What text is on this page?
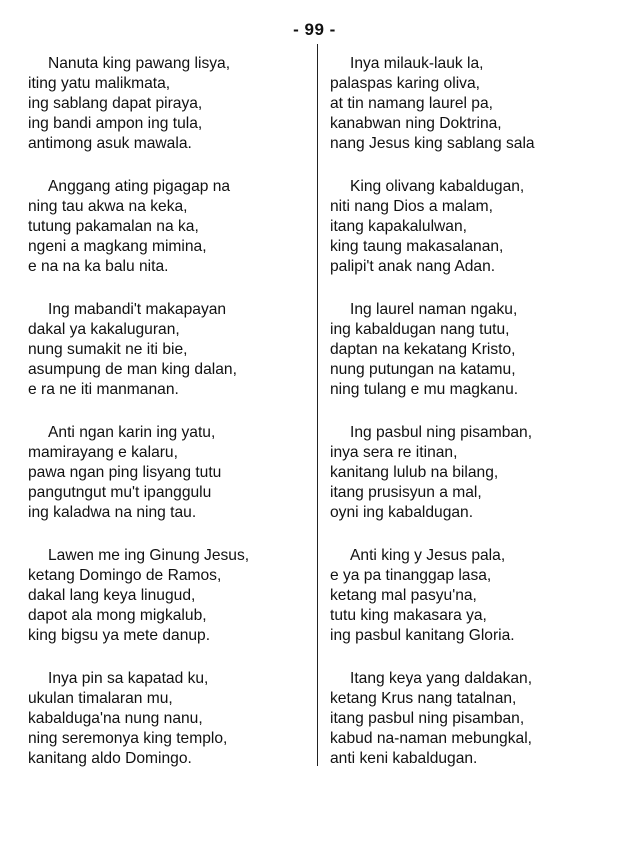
- 99 -
Nanuta king pawang lisya,
iting yatu malikmata,
ing sablang dapat piraya,
ing bandi ampon ing tula,
antimong asuk mawala.
Anggang ating pigagap na
ning tau akwa na keka,
tutung pakamalan na ka,
ngeni a magkang mimina,
e na na ka balu nita.
Ing mabandi't makapayan
dakal ya kakaluguran,
nung sumakit ne iti bie,
asumpung de man king dalan,
e ra ne iti manmanan.
Anti ngan karin ing yatu,
mamirayang e kalaru,
pawa ngan ping lisyang tutu
pangutngut mu't ipanggulu
ing kaladwa na ning tau.
Lawen me ing Ginung Jesus,
ketang Domingo de Ramos,
dakal lang keya linugud,
dapot ala mong migkalub,
king bigsu ya mete danup.
Inya pin sa kapatad ku,
ukulan timalaran mu,
kabalduga'na nung nanu,
ning seremonya king templo,
kanitang aldo Domingo.
Inya milauk-lauk la,
palaspas karing oliva,
at tin namang laurel pa,
kanabwan ning Doktrina,
nang Jesus king sablang sala
King olivang kabaldugan,
niti nang Dios a malam,
itang kapakalulwan,
king taung makasalanan,
palipi't anak nang Adan.
Ing laurel naman ngaku,
ing kabaldugan nang tutu,
daptan na kekatang Kristo,
nung putungan na katamu,
ning tulang e mu magkanu.
Ing pasbul ning pisamban,
inya sera re itinan,
kanitang lulub na bilang,
itang prusisyun a mal,
oyni ing kabaldugan.
Anti king y Jesus pala,
e ya pa tinanggap lasa,
ketang mal pasyu'na,
tutu king makasara ya,
ing pasbul kanitang Gloria.
Itang keya yang daldakan,
ketang Krus nang tatalnan,
itang pasbul ning pisamban,
kabud na-naman mebungkal,
anti keni kabaldugan.
